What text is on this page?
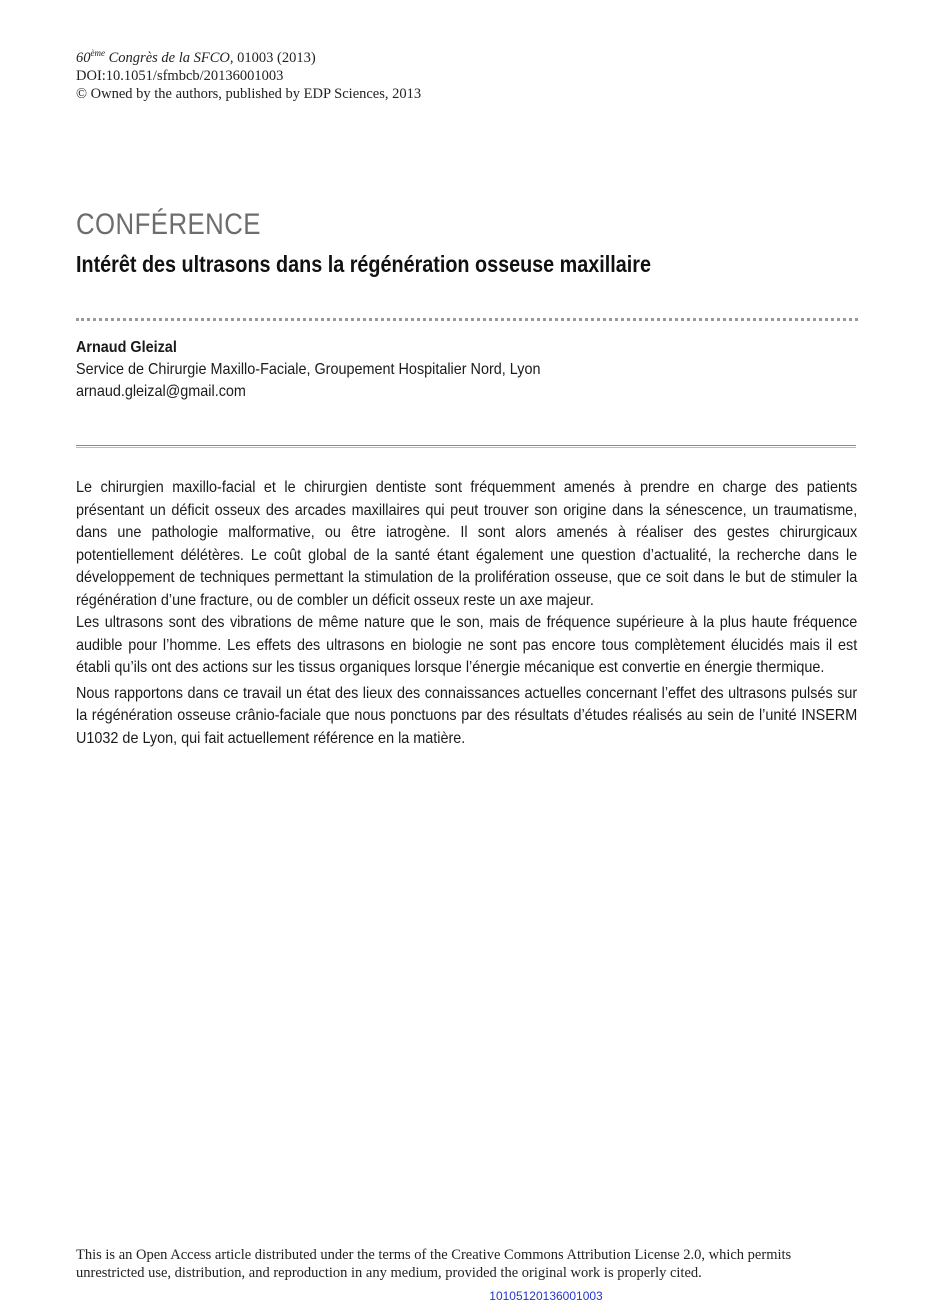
60ème Congrès de la SFCO, 01003 (2013)
DOI:10.1051/sfmbcb/20136001003
© Owned by the authors, published by EDP Sciences, 2013
CONFÉRENCE
Intérêt des ultrasons dans la régénération osseuse maxillaire
Arnaud Gleizal
Service de Chirurgie Maxillo-Faciale, Groupement Hospitalier Nord, Lyon
arnaud.gleizal@gmail.com

Le chirurgien maxillo-facial et le chirurgien dentiste sont fréquemment amenés à prendre en charge des patients présentant un déficit osseux des arcades maxillaires qui peut trouver son origine dans la sénescence, un traumatisme, dans une pathologie malformative, ou être iatrogène. Il sont alors amenés à réaliser des gestes chirurgicaux potentiellement délétères. Le coût global de la santé étant également une question d’actualité, la recherche dans le développement de techniques permettant la stimulation de la prolifération osseuse, que ce soit dans le but de stimuler la régénération d’une fracture, ou de combler un déficit osseux reste un axe majeur.

Les ultrasons sont des vibrations de même nature que le son, mais de fréquence supérieure à la plus haute fréquence audible pour l’homme. Les effets des ultrasons en biologie ne sont pas encore tous complètement élucidés mais il est établi qu’ils ont des actions sur les tissus organiques lorsque l’énergie mécanique est convertie en énergie thermique.

Nous rapportons dans ce travail un état des lieux des connaissances actuelles concernant l’effet des ultrasons pulsés sur la régénération osseuse crânio-faciale que nous ponctuons par des résultats d’études réalisés au sein de l’unité INSERM U1032 de Lyon, qui fait actuellement référence en la matière.

This is an Open Access article distributed under the terms of the Creative Commons Attribution License 2.0, which permits unrestricted use, distribution, and reproduction in any medium, provided the original work is properly cited.
10105120136001003
